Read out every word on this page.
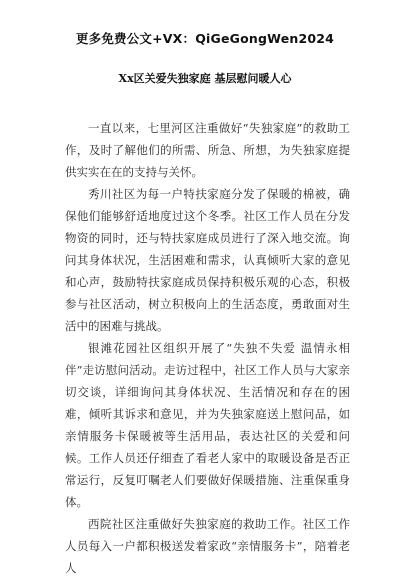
更多免费公文+VX：QiGeGongWen2024
Xx区关爱失独家庭 基层慰问暖人心

一直以来，七里河区注重做好“失独家庭”的救助工作，及时了解他们的所需、所急、所想，为失独家庭提供实实在在的支持与关怀。

秀川社区为每一户特扶家庭分发了保暖的棉被，确保他们能够舒适地度过这个冬季。社区工作人员在分发物资的同时，还与特扶家庭成员进行了深入地交流。询问其身体状况，生活困难和需求，认真倾听大家的意见和心声，鼓励特扶家庭成员保持积极乐观的心态，积极参与社区活动，树立积极向上的生活态度，勇敢面对生活中的困难与挑战。

银滩花园社区组织开展了“失独不失爱 温情永相伴”走访慰问活动。走访过程中，社区工作人员与大家亲切交谈，详细询问其身体状况、生活情况和存在的困难，倾听其诉求和意见，并为失独家庭送上慰问品，如亲情服务卡保暖被等生活用品，表达社区的关爱和问候。工作人员还仔细查了看老人家中的取暖设备是否正常运行，反复叮嘱老人们要做好保暖措施、注重保重身体。

西院社区注重做好失独家庭的救助工作。社区工作人员每入一户都积极送发着家政“亲情服务卡”，陪着老人
